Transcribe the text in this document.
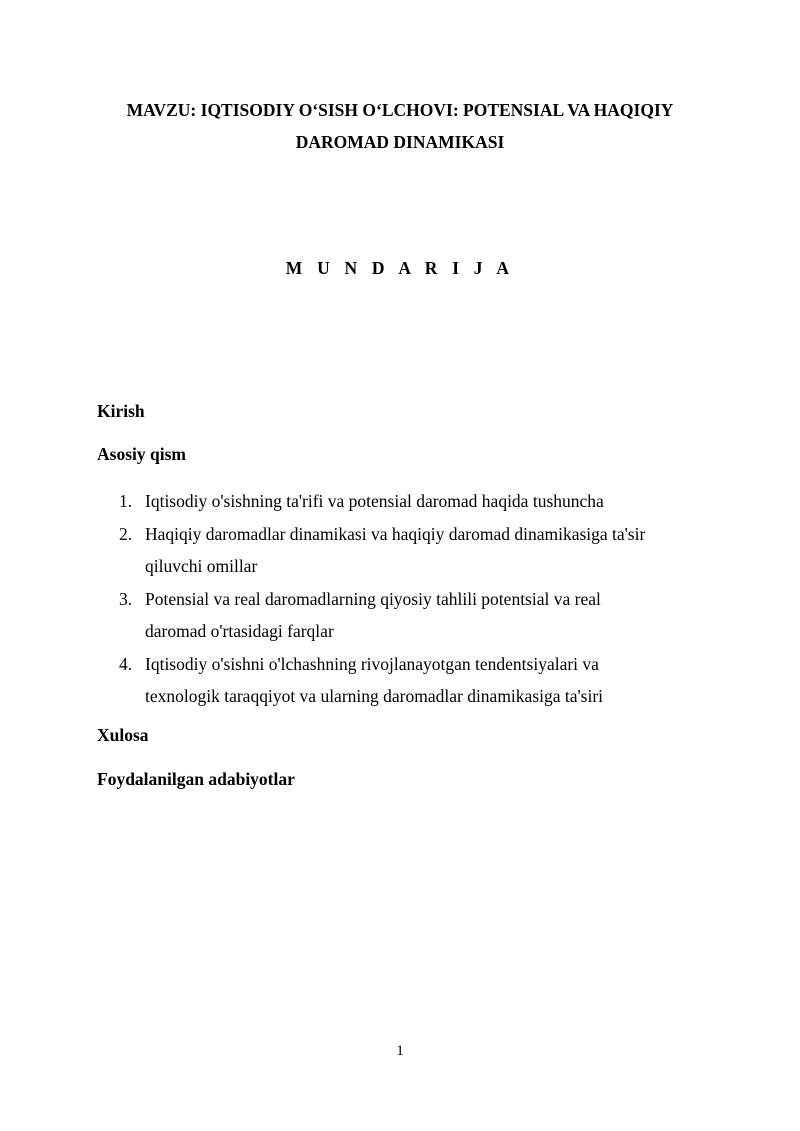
MAVZU: IQTISODIY O‘SISH O‘LCHOVI: POTENSIAL VA HAQIQIY
DAROMAD DINAMIKASI
M U N D A R I J A

Kirish

Asosiy qism

1. Iqtisodiy o'sishning ta'rifi va potensial daromad haqida tushuncha
2. Haqiqiy daromadlar dinamikasi va haqiqiy daromad dinamikasiga ta'sir
qiluvchi omillar
3. Potensial va real daromadlarning qiyosiy tahlili potentsial va real
daromad o'rtasidagi farqlar
4. Iqtisodiy o'sishni o'lchashning rivojlanayotgan tendentsiyalari va
texnologik taraqqiyot va ularning daromadlar dinamikasiga ta'siri

Xulosa

Foydalanilgan adabiyotlar

1
